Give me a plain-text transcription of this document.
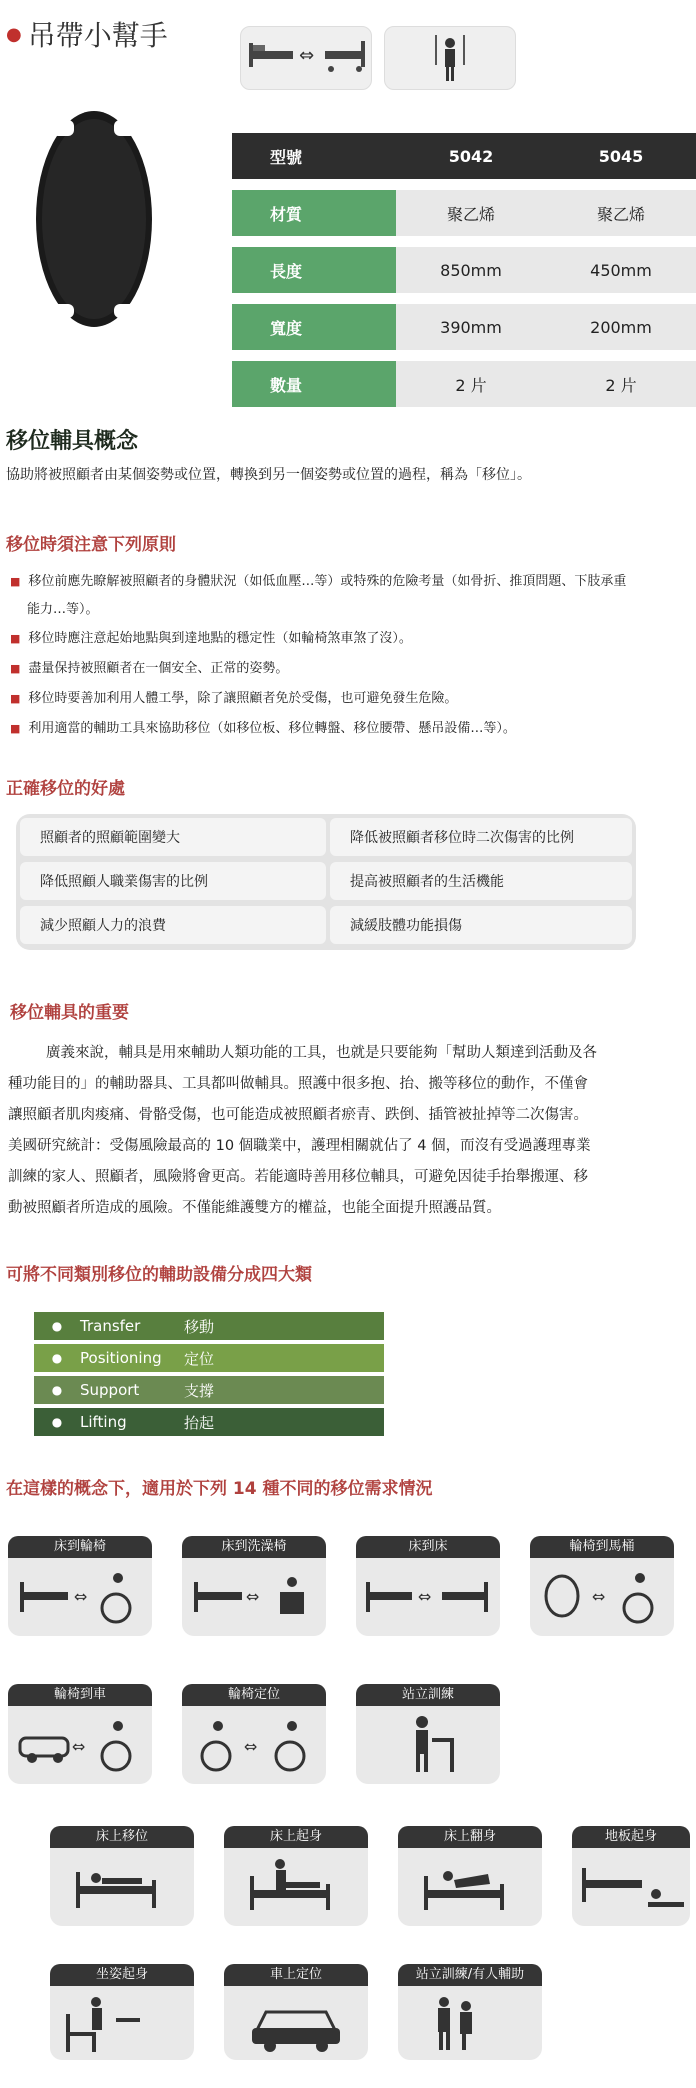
● 吊帶小幫手
⇔
型號	5042	5045
材質	聚乙烯	聚乙烯
長度	850mm	450mm
寬度	390mm	200mm
數量	2 片	2 片
移位輔具概念
協助將被照顧者由某個姿勢或位置，轉換到另一個姿勢或位置的過程，稱為「移位」。
移位時須注意下列原則
■ 移位前應先瞭解被照顧者的身體狀況（如低血壓…等）或特殊的危險考量（如骨折、推頂問題、下肢承重
能力…等）。
■ 移位時應注意起始地點與到達地點的穩定性（如輪椅煞車煞了沒）。
■ 盡量保持被照顧者在一個安全、正常的姿勢。
■ 移位時要善加利用人體工學，除了讓照顧者免於受傷，也可避免發生危險。
■ 利用適當的輔助工具來協助移位（如移位板、移位轉盤、移位腰帶、懸吊設備…等）。
正確移位的好處
照顧者的照顧範圍變大	降低被照顧者移位時二次傷害的比例
降低照顧人職業傷害的比例	提高被照顧者的生活機能
減少照顧人力的浪費	減緩肢體功能損傷
移位輔具的重要
廣義來說，輔具是用來輔助人類功能的工具，也就是只要能夠「幫助人類達到活動及各
種功能目的」的輔助器具、工具都叫做輔具。照護中很多抱、抬、搬等移位的動作，不僅會
讓照顧者肌肉痠痛、骨骼受傷，也可能造成被照顧者瘀青、跌倒、插管被扯掉等二次傷害。
美國研究統計：受傷風險最高的 10 個職業中，護理相關就佔了 4 個，而沒有受過護理專業
訓練的家人、照顧者，風險將會更高。若能適時善用移位輔具，可避免因徒手抬舉搬運、移
動被照顧者所造成的風險。不僅能維護雙方的權益，也能全面提升照護品質。
可將不同類別移位的輔助設備分成四大類
●	Transfer	移動
●	Positioning	定位
●	Support	支撐
●	Lifting	抬起
在這樣的概念下，適用於下列 14 種不同的移位需求情況
床到輪椅
⇔
床到洗澡椅
⇔
床到床
⇔
輪椅到馬桶
⇔
輪椅到車
⇔
輪椅定位
⇔
站立訓練
床上移位	床上起身	床上翻身	地板起身
坐姿起身	車上定位	站立訓練/有人輔助
